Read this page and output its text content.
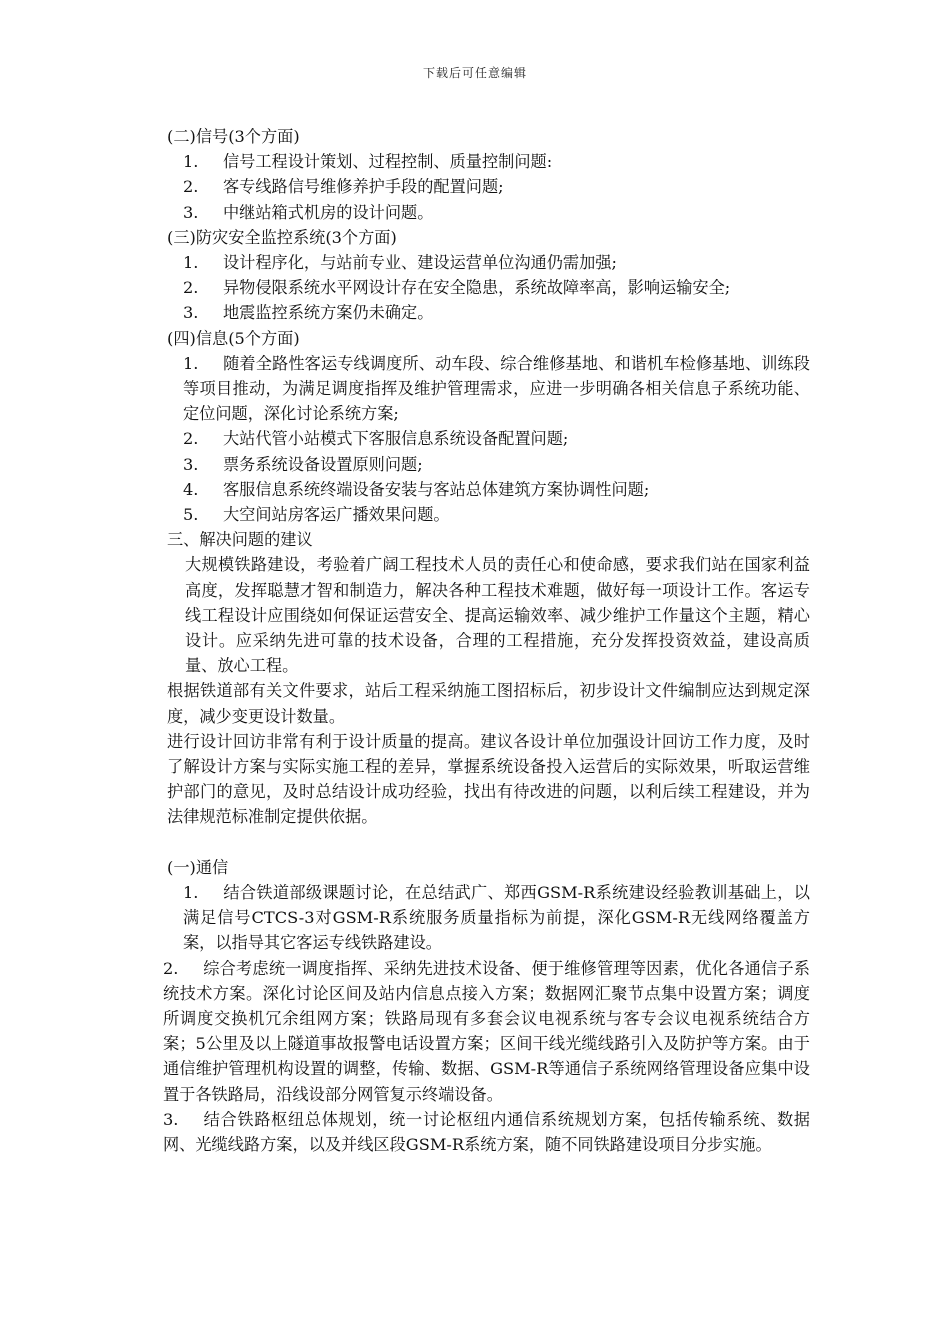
下载后可任意编辑
(二)信号(3个方面)
1. 信号工程设计策划、过程控制、质量控制问题:
2. 客专线路信号维修养护手段的配置问题;
3. 中继站箱式机房的设计问题。
(三)防灾安全监控系统(3个方面)
1. 设计程序化，与站前专业、建设运营单位沟通仍需加强;
2. 异物侵限系统水平网设计存在安全隐患，系统故障率高，影响运输安全;
3. 地震监控系统方案仍未确定。
(四)信息(5个方面)
1. 随着全路性客运专线调度所、动车段、综合维修基地、和谐机车检修基地、训练段等项目推动，为满足调度指挥及维护管理需求，应进一步明确各相关信息子系统功能、定位问题，深化讨论系统方案;
2. 大站代管小站模式下客服信息系统设备配置问题;
3. 票务系统设备设置原则问题;
4. 客服信息系统终端设备安装与客站总体建筑方案协调性问题;
5. 大空间站房客运广播效果问题。
三、解决问题的建议
大规模铁路建设，考验着广阔工程技术人员的责任心和使命感，要求我们站在国家利益高度，发挥聪慧才智和制造力，解决各种工程技术难题，做好每一项设计工作。客运专线工程设计应围绕如何保证运营安全、提高运输效率、减少维护工作量这个主题，精心设计。应采纳先进可靠的技术设备，合理的工程措施，充分发挥投资效益，建设高质量、放心工程。
根据铁道部有关文件要求，站后工程采纳施工图招标后，初步设计文件编制应达到规定深度，减少变更设计数量。
进行设计回访非常有利于设计质量的提高。建议各设计单位加强设计回访工作力度，及时了解设计方案与实际实施工程的差异，掌握系统设备投入运营后的实际效果，听取运营维护部门的意见，及时总结设计成功经验，找出有待改进的问题，以利后续工程建设，并为法律规范标准制定提供依据。
(一)通信
1. 结合铁道部级课题讨论，在总结武广、郑西GSM-R系统建设经验教训基础上，以满足信号CTCS-3对GSM-R系统服务质量指标为前提，深化GSM-R无线网络覆盖方案，以指导其它客运专线铁路建设。
2. 综合考虑统一调度指挥、采纳先进技术设备、便于维修管理等因素，优化各通信子系统技术方案。深化讨论区间及站内信息点接入方案；数据网汇聚节点集中设置方案；调度所调度交换机冗余组网方案；铁路局现有多套会议电视系统与客专会议电视系统结合方案；5公里及以上隧道事故报警电话设置方案；区间干线光缆线路引入及防护等方案。由于通信维护管理机构设置的调整，传输、数据、GSM-R等通信子系统网络管理设备应集中设置于各铁路局，沿线设部分网管复示终端设备。
3. 结合铁路枢纽总体规划，统一讨论枢纽内通信系统规划方案，包括传输系统、数据网、光缆线路方案，以及并线区段GSM-R系统方案，随不同铁路建设项目分步实施。
